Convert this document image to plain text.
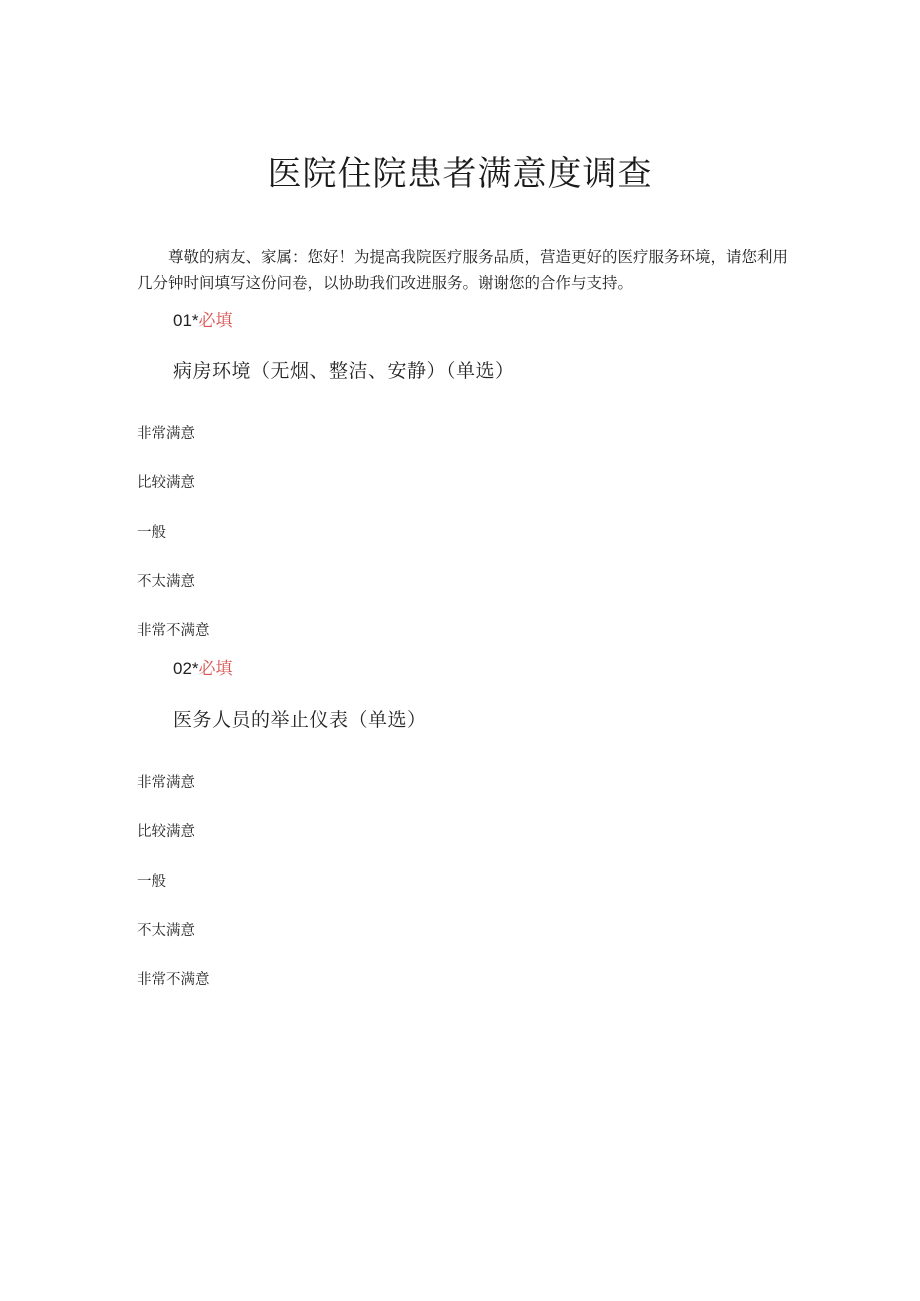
医院住院患者满意度调查
尊敬的病友、家属：您好！为提高我院医疗服务品质，营造更好的医疗服务环境，请您利用几分钟时间填写这份问卷，以协助我们改进服务。谢谢您的合作与支持。
01*必填
病房环境（无烟、整洁、安静）（单选）
非常满意
比较满意
一般
不太满意
非常不满意
02*必填
医务人员的举止仪表（单选）
非常满意
比较满意
一般
不太满意
非常不满意
